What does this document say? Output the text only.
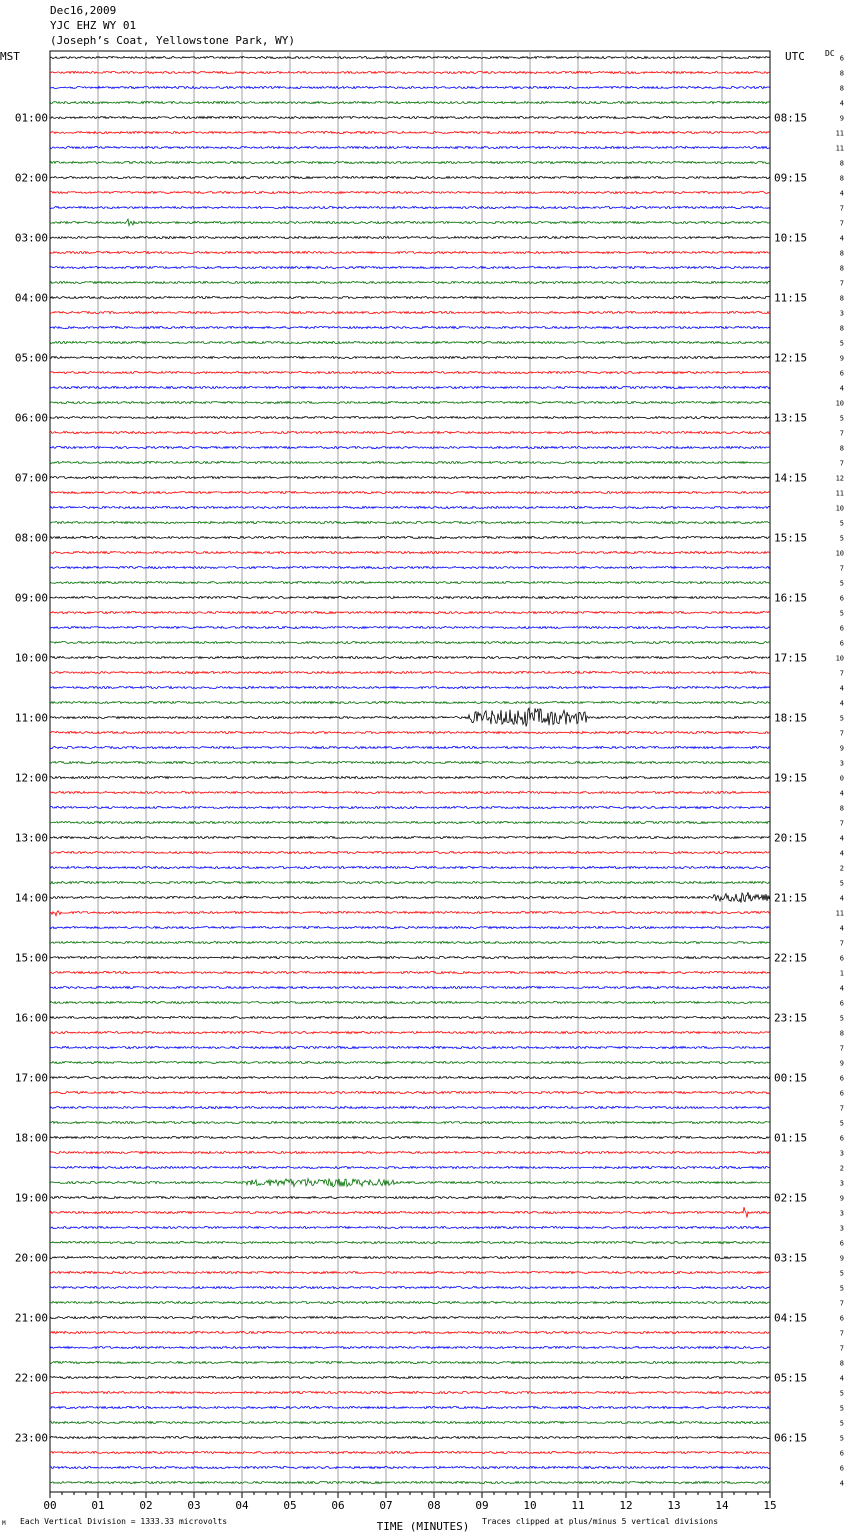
Dec16,2009
YJC EHZ WY 01
(Joseph’s Coat, Yellowstone Park, WY)
MST	UTC	DC
01:00	08:15
02:00	09:15
03:00	10:15
04:00	11:15
05:00	12:15
06:00	13:15
07:00	14:15
08:00	15:15
09:00	16:15
10:00	17:15
11:00	18:15
12:00	19:15
13:00	20:15
14:00	21:15
15:00	22:15
16:00	23:15
17:00	00:15
18:00	01:15
19:00	02:15
20:00	03:15
21:00	04:15
22:00	05:15
23:00	06:15
6
8
8
4
9
11
11
8
8
4
7
7
4
8
8
7
8
3
8
5
9
6
4
10
5
7
8
7
12
11
10
5
5
10
7
5
6
5
6
6
10
7
4
4
5
7
9
3
0
4
8
7
4
4
2
5
4
11
4
7
6
1
4
6
5
8
7
9
6
6
7
5
6
3
2
3
9
3
3
6
9
5
5
7
6
7
7
8
4
5
5
5
5
6
6
4
00	01	02	03	04	05	06	07	08	09	10	11	12	13	14	15
TIME (MINUTES)
Each Vertical Division = 1333.33 microvolts	Traces clipped at plus/minus 5 vertical divisions
M
